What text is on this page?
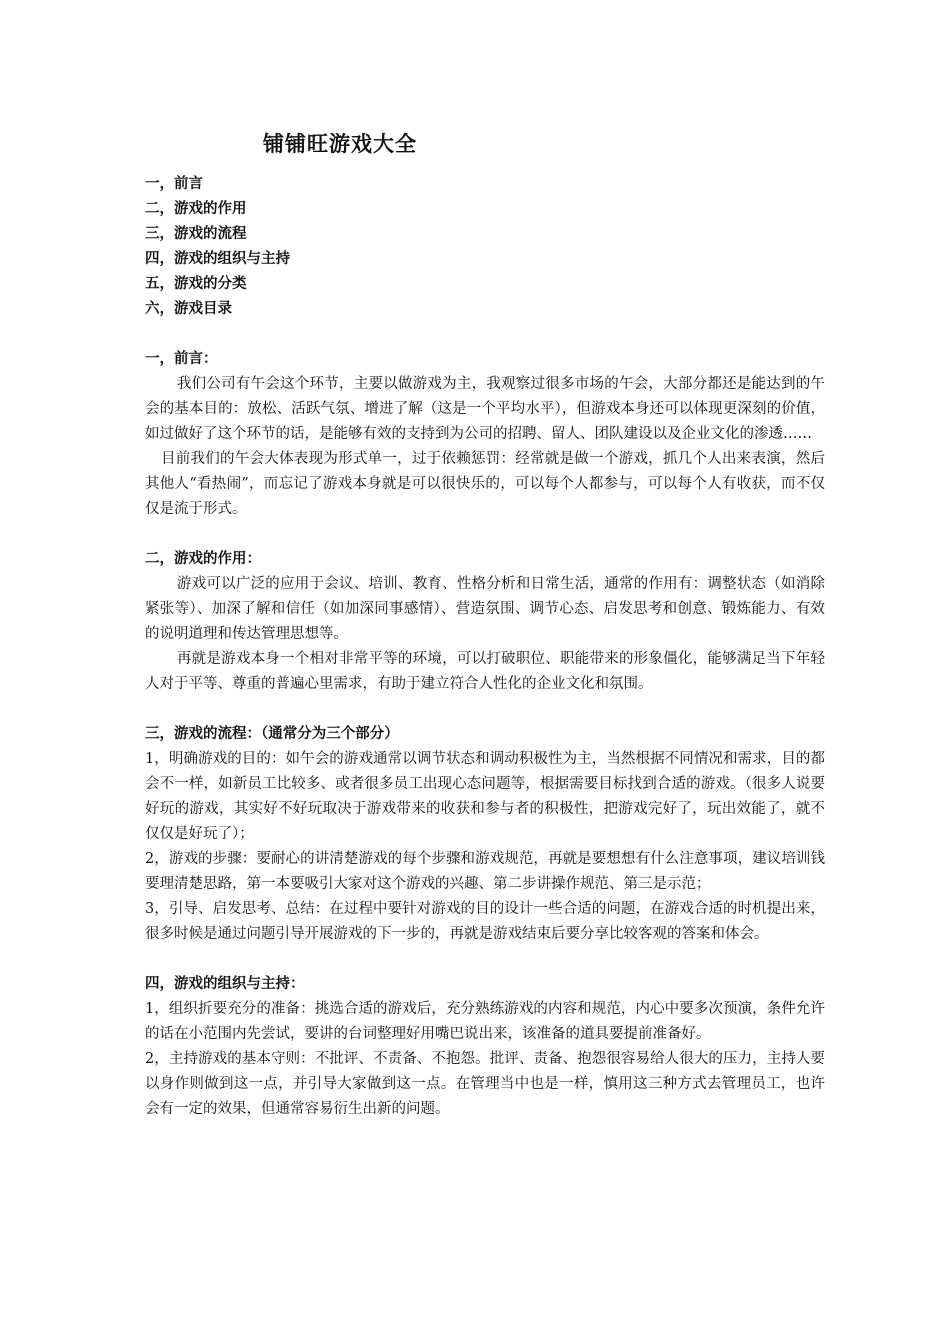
铺铺旺游戏大全
一，前言
二，游戏的作用
三，游戏的流程
四，游戏的组织与主持
五，游戏的分类
六，游戏目录

一，前言：

我们公司有午会这个环节，主要以做游戏为主，我观察过很多市场的午会，大部分都还是能达到的午会的基本目的：放松、活跃气氛、增进了解（这是一个平均水平），但游戏本身还可以体现更深刻的价值，如过做好了这个环节的话，是能够有效的支持到为公司的招聘、留人、团队建设以及企业文化的渗透……

目前我们的午会大体表现为形式单一，过于依赖惩罚：经常就是做一个游戏，抓几个人出来表演，然后其他人“看热闹”，而忘记了游戏本身就是可以很快乐的，可以每个人都参与，可以每个人有收获，而不仅仅是流于形式。

二，游戏的作用：

游戏可以广泛的应用于会议、培训、教育、性格分析和日常生活，通常的作用有：调整状态（如消除紧张等）、加深了解和信任（如加深同事感情）、营造氛围、调节心态、启发思考和创意、锻炼能力、有效的说明道理和传达管理思想等。

再就是游戏本身一个相对非常平等的环境，可以打破职位、职能带来的形象僵化，能够满足当下年轻人对于平等、尊重的普遍心里需求，有助于建立符合人性化的企业文化和氛围。

三，游戏的流程：（通常分为三个部分）

1，明确游戏的目的：如午会的游戏通常以调节状态和调动积极性为主，当然根据不同情况和需求，目的都会不一样，如新员工比较多、或者很多员工出现心态问题等，根据需要目标找到合适的游戏。（很多人说要好玩的游戏，其实好不好玩取决于游戏带来的收获和参与者的积极性，把游戏完好了，玩出效能了，就不仅仅是好玩了）；

2，游戏的步骤：要耐心的讲清楚游戏的每个步骤和游戏规范，再就是要想想有什么注意事项，建议培训钱要理清楚思路，第一本要吸引大家对这个游戏的兴趣、第二步讲操作规范、第三是示范；

3，引导、启发思考、总结：在过程中要针对游戏的目的设计一些合适的问题，在游戏合适的时机提出来，很多时候是通过问题引导开展游戏的下一步的，再就是游戏结束后要分享比较客观的答案和体会。

四，游戏的组织与主持：

1，组织折要充分的准备：挑选合适的游戏后，充分熟练游戏的内容和规范，内心中要多次预演，条件允许的话在小范围内先尝试，要讲的台词整理好用嘴巴说出来，该准备的道具要提前准备好。

2，主持游戏的基本守则：不批评、不责备、不抱怨。批评、责备、抱怨很容易给人很大的压力，主持人要以身作则做到这一点，并引导大家做到这一点。在管理当中也是一样，慎用这三种方式去管理员工，也许会有一定的效果，但通常容易衍生出新的问题。
